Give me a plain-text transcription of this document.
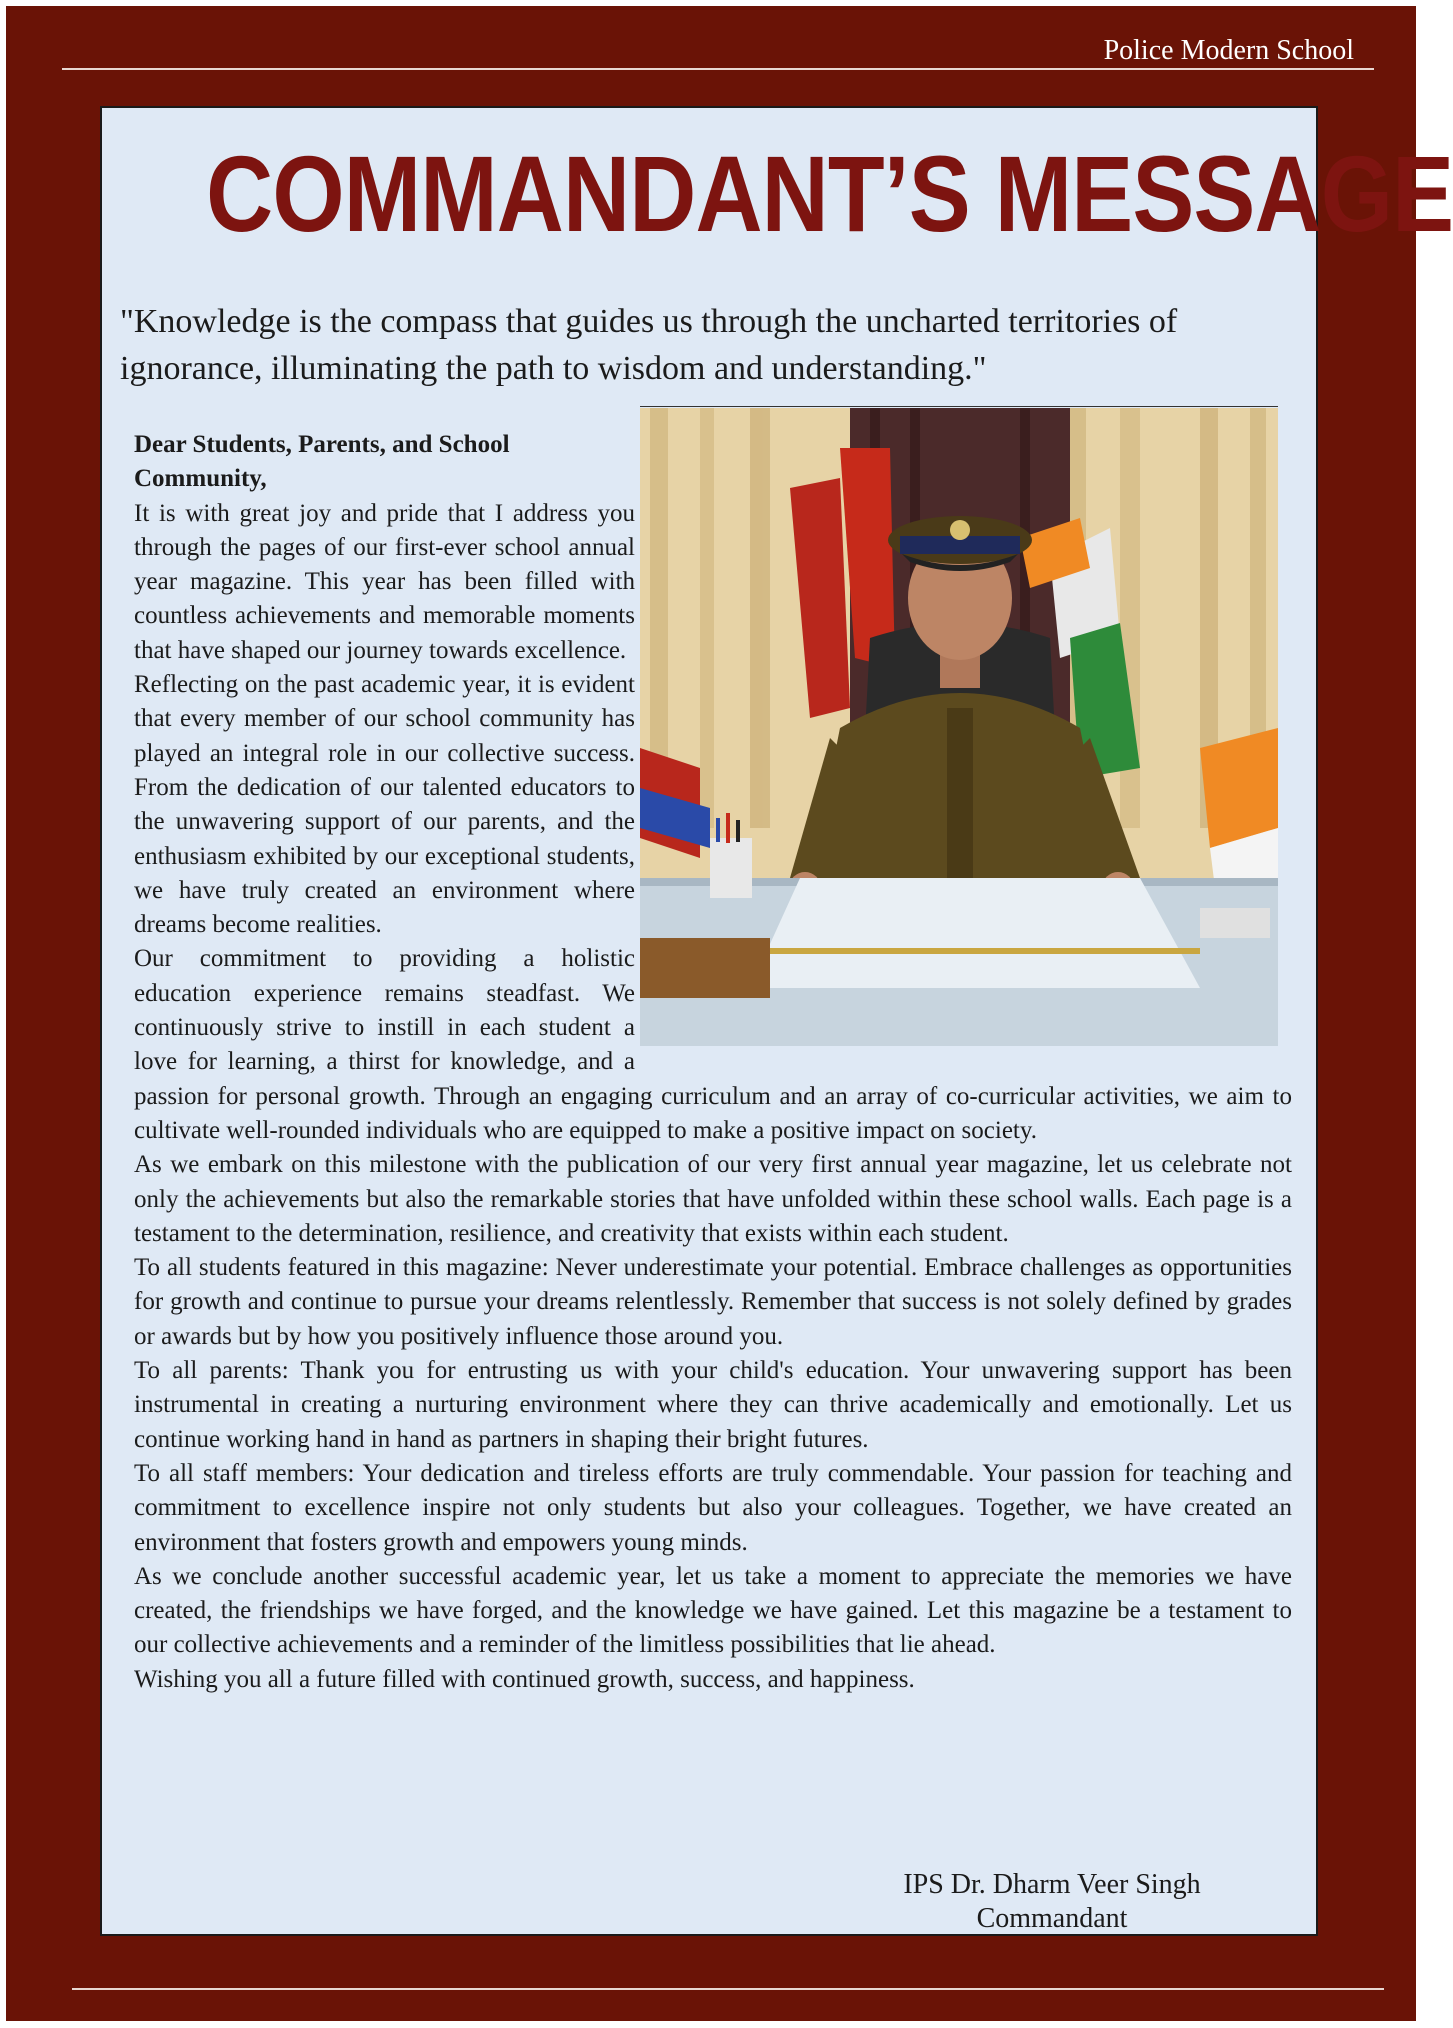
Police Modern School
COMMANDANT’S MESSAGE
"Knowledge is the compass that guides us through the uncharted territories of ignorance, illuminating the path to wisdom and understanding."
Dear Students, Parents, and School Community,

It is with great joy and pride that I address you through the pages of our first-ever school annual year magazine. This year has been filled with countless achievements and memorable moments that have shaped our journey towards excellence.

Reflecting on the past academic year, it is evident that every member of our school community has played an integral role in our collective success. From the dedication of our talented educators to the unwavering support of our parents, and the enthusiasm exhibited by our exceptional students, we have truly created an environment where dreams become realities.

Our commitment to providing a holistic education experience remains steadfast. We continuously strive to instill in each student a love for learning, a thirst for knowledge, and a passion for personal growth. Through an engaging curriculum and an array of co-curricular activities, we aim to cultivate well-rounded individuals who are equipped to make a positive impact on society.

As we embark on this milestone with the publication of our very first annual year magazine, let us celebrate not only the achievements but also the remarkable stories that have unfolded within these school walls. Each page is a testament to the determination, resilience, and creativity that exists within each student.

To all students featured in this magazine: Never underestimate your potential. Embrace challenges as opportunities for growth and continue to pursue your dreams relentlessly. Remember that success is not solely defined by grades or awards but by how you positively influence those around you.

To all parents: Thank you for entrusting us with your child's education. Your unwavering support has been instrumental in creating a nurturing environment where they can thrive academically and emotionally. Let us continue working hand in hand as partners in shaping their bright futures.

To all staff members: Your dedication and tireless efforts are truly commendable. Your passion for teaching and commitment to excellence inspire not only students but also your colleagues. Together, we have created an environment that fosters growth and empowers young minds.

As we conclude another successful academic year, let us take a moment to appreciate the memories we have created, the friendships we have forged, and the knowledge we have gained. Let this magazine be a testament to our collective achievements and a reminder of the limitless possibilities that lie ahead.

Wishing you all a future filled with continued growth, success, and happiness.

IPS Dr. Dharm Veer Singh
Commandant
